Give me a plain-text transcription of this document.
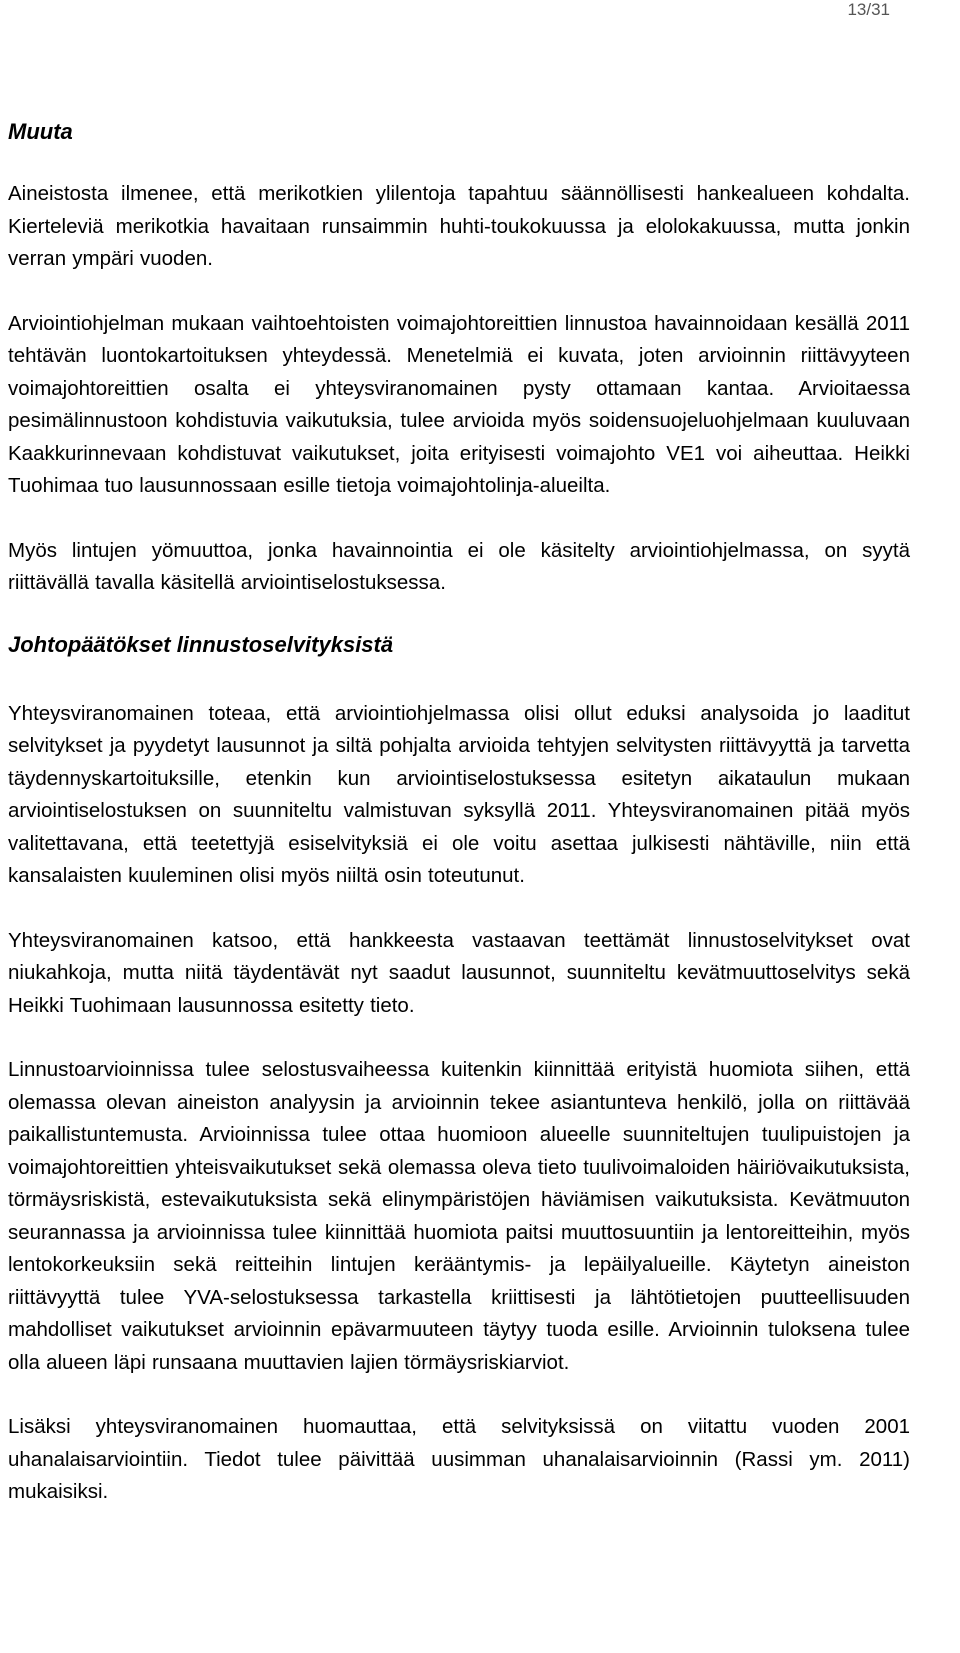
13/31
Muuta

Aineistosta ilmenee, että merikotkien ylilentoja tapahtuu säännöllisesti hankealueen kohdalta. Kierteleviä merikotkia havaitaan runsaimmin huhti-toukokuussa ja elolokakuussa, mutta jonkin verran ympäri vuoden.

Arviointiohjelman mukaan vaihtoehtoisten voimajohtoreittien linnustoa havainnoidaan kesällä 2011 tehtävän luontokartoituksen yhteydessä. Menetelmiä ei kuvata, joten arvioinnin riittävyyteen voimajohtoreittien osalta ei yhteysviranomainen pysty ottamaan kantaa. Arvioitaessa pesimälinnustoon kohdistuvia vaikutuksia, tulee arvioida myös soidensuojeluohjelmaan kuuluvaan Kaakkurinnevaan kohdistuvat vaikutukset, joita erityisesti voimajohto VE1 voi aiheuttaa. Heikki Tuohimaa tuo lausunnossaan esille tietoja voimajohtolinja-alueilta.

Myös lintujen yömuuttoa, jonka havainnointia ei ole käsitelty arviointiohjelmassa, on syytä riittävällä tavalla käsitellä arviointiselostuksessa.

Johtopäätökset linnustoselvityksistä

Yhteysviranomainen toteaa, että arviointiohjelmassa olisi ollut eduksi analysoida jo laaditut selvitykset ja pyydetyt lausunnot ja siltä pohjalta arvioida tehtyjen selvitysten riittävyyttä ja tarvetta täydennyskartoituksille, etenkin kun arviointiselostuksessa esitetyn aikataulun mukaan arviointiselostuksen on suunniteltu valmistuvan syksyllä 2011. Yhteysviranomainen pitää myös valitettavana, että teetettyjä esiselvityksiä ei ole voitu asettaa julkisesti nähtäville, niin että kansalaisten kuuleminen olisi myös niiltä osin toteutunut.

Yhteysviranomainen katsoo, että hankkeesta vastaavan teettämät linnustoselvitykset ovat niukahkoja, mutta niitä täydentävät nyt saadut lausunnot, suunniteltu kevätmuuttoselvitys sekä Heikki Tuohimaan lausunnossa esitetty tieto.

Linnustoarvioinnissa tulee selostusvaiheessa kuitenkin kiinnittää erityistä huomiota siihen, että olemassa olevan aineiston analyysin ja arvioinnin tekee asiantunteva henkilö, jolla on riittävää paikallistuntemusta. Arvioinnissa tulee ottaa huomioon alueelle suunniteltujen tuulipuistojen ja voimajohtoreittien yhteisvaikutukset sekä olemassa oleva tieto tuulivoimaloiden häiriövaikutuksista, törmäysriskistä, estevaikutuksista sekä elinympäristöjen häviämisen vaikutuksista. Kevätmuuton seurannassa ja arvioinnissa tulee kiinnittää huomiota paitsi muuttosuuntiin ja lentoreitteihin, myös lentokorkeuksiin sekä reitteihin lintujen kerääntymis- ja lepäilyalueille. Käytetyn aineiston riittävyyttä tulee YVA-selostuksessa tarkastella kriittisesti ja lähtötietojen puutteellisuuden mahdolliset vaikutukset arvioinnin epävarmuuteen täytyy tuoda esille. Arvioinnin tuloksena tulee olla alueen läpi runsaana muuttavien lajien törmäysriskiarviot.

Lisäksi yhteysviranomainen huomauttaa, että selvityksissä on viitattu vuoden 2001 uhanalaisarviointiin. Tiedot tulee päivittää uusimman uhanalaisarvioinnin (Rassi ym. 2011) mukaisiksi.
